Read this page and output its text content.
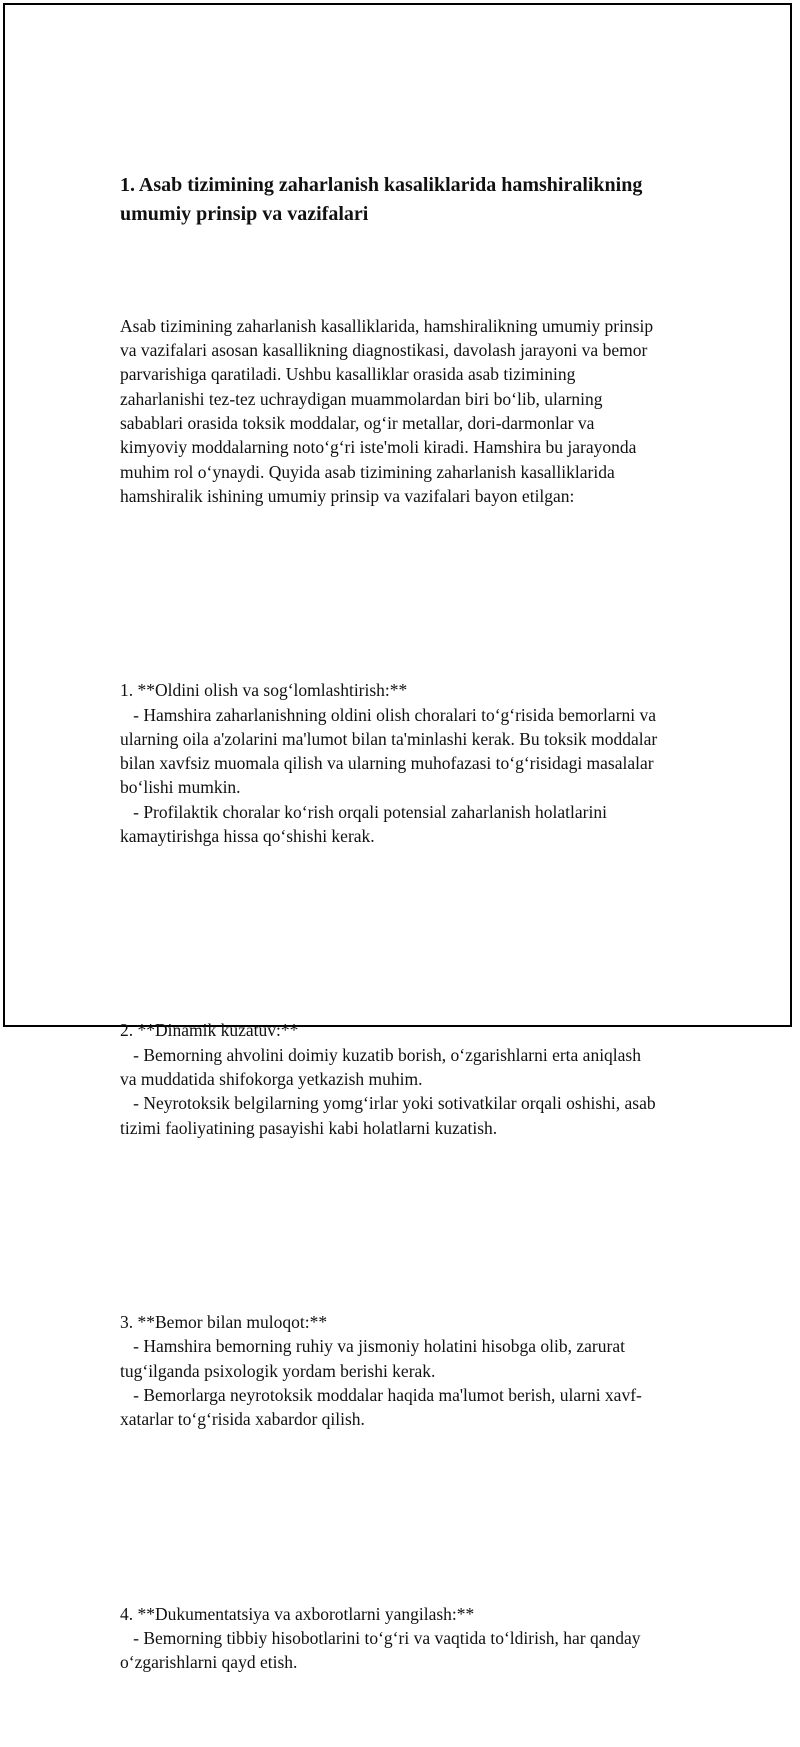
1. Asab tizimining zaharlanish kasaliklarida hamshiralikning
umumiy prinsip va vazifalari

Asab tizimining zaharlanish kasalliklarida, hamshiralikning umumiy prinsip
va vazifalari asosan kasallikning diagnostikasi, davolash jarayoni va bemor
parvarishiga qaratiladi. Ushbu kasalliklar orasida asab tizimining
zaharlanishi tez-tez uchraydigan muammolardan biri bo‘lib, ularning
sabablari orasida toksik moddalar, og‘ir metallar, dori-darmonlar va
kimyoviy moddalarning noto‘g‘ri iste'moli kiradi. Hamshira bu jarayonda
muhim rol o‘ynaydi. Quyida asab tizimining zaharlanish kasalliklarida
hamshiralik ishining umumiy prinsip va vazifalari bayon etilgan:

1. **Oldini olish va sog‘lomlashtirish:**
- Hamshira zaharlanishning oldini olish choralari to‘g‘risida bemorlarni va
ularning oila a'zolarini ma'lumot bilan ta'minlashi kerak. Bu toksik moddalar
bilan xavfsiz muomala qilish va ularning muhofazasi to‘g‘risidagi masalalar
bo‘lishi mumkin.
- Profilaktik choralar ko‘rish orqali potensial zaharlanish holatlarini
kamaytirishga hissa qo‘shishi kerak.

2. **Dinamik kuzatuv:**
- Bemorning ahvolini doimiy kuzatib borish, o‘zgarishlarni erta aniqlash
va muddatida shifokorga yetkazish muhim.
- Neyrotoksik belgilarning yomg‘irlar yoki sotivatkilar orqali oshishi, asab
tizimi faoliyatining pasayishi kabi holatlarni kuzatish.

3. **Bemor bilan muloqot:**
- Hamshira bemorning ruhiy va jismoniy holatini hisobga olib, zarurat
tug‘ilganda psixologik yordam berishi kerak.
- Bemorlarga neyrotoksik moddalar haqida ma'lumot berish, ularni xavf-
xatarlar to‘g‘risida xabardor qilish.

4. **Dukumentatsiya va axborotlarni yangilash:**
- Bemorning tibbiy hisobotlarini to‘g‘ri va vaqtida to‘ldirish, har qanday
o‘zgarishlarni qayd etish.
